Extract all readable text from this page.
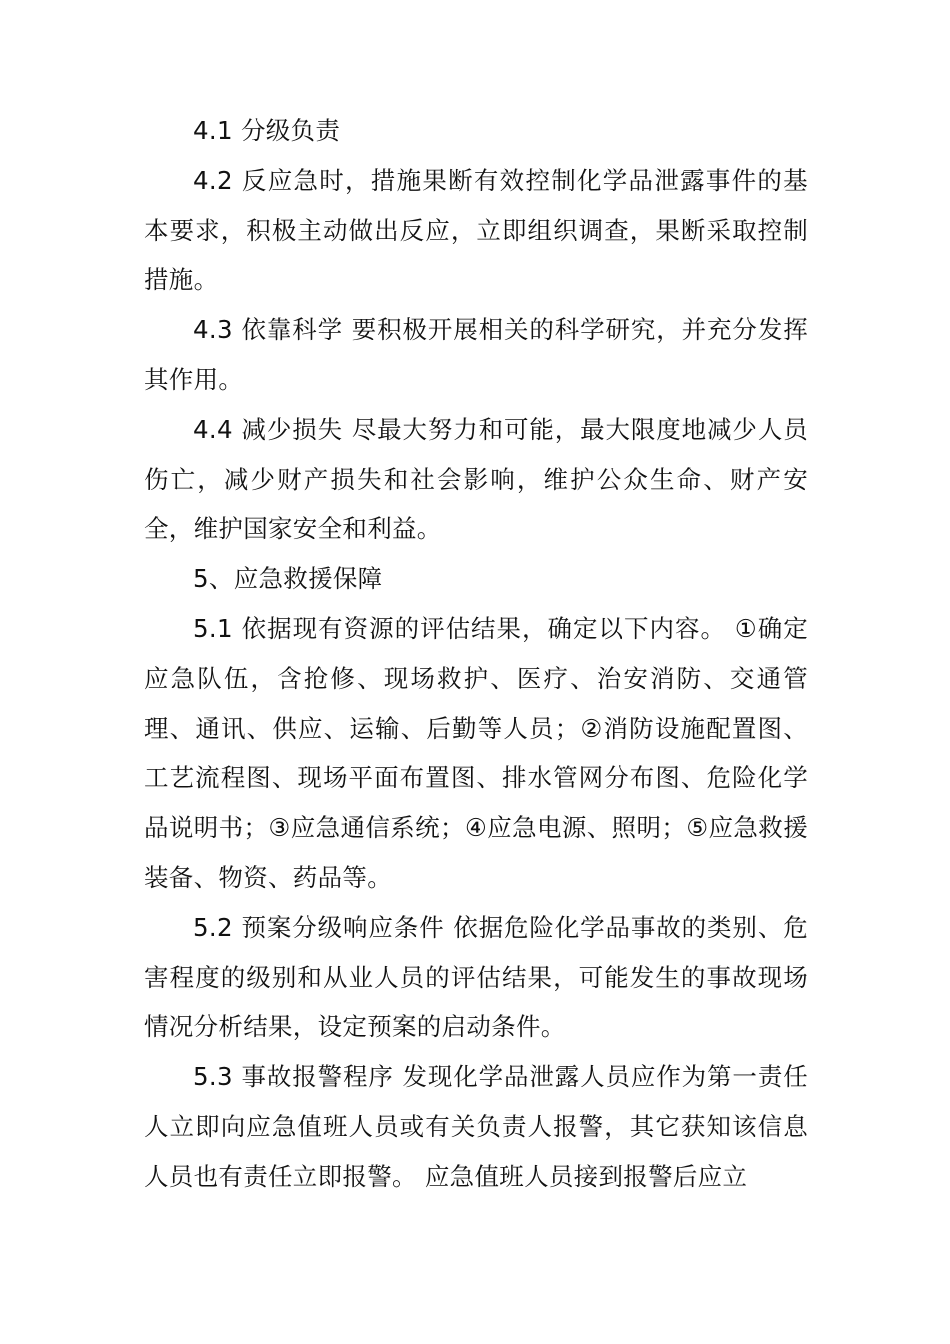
4.1 分级负责

4.2 反应急时，措施果断有效控制化学品泄露事件的基本要求，积极主动做出反应，立即组织调查，果断采取控制措施。

4.3 依靠科学 要积极开展相关的科学研究，并充分发挥其作用。

4.4 减少损失 尽最大努力和可能，最大限度地减少人员伤亡，减少财产损失和社会影响，维护公众生命、财产安全，维护国家安全和利益。

5、应急救援保障

5.1 依据现有资源的评估结果，确定以下内容。 ①确定应急队伍，含抢修、现场救护、医疗、治安消防、交通管理、通讯、供应、运输、后勤等人员；②消防设施配置图、工艺流程图、现场平面布置图、排水管网分布图、危险化学品说明书；③应急通信系统；④应急电源、照明；⑤应急救援装备、物资、药品等。

5.2 预案分级响应条件 依据危险化学品事故的类别、危害程度的级别和从业人员的评估结果，可能发生的事故现场情况分析结果，设定预案的启动条件。

5.3 事故报警程序 发现化学品泄露人员应作为第一责任人立即向应急值班人员或有关负责人报警，其它获知该信息人员也有责任立即报警。 应急值班人员接到报警后应立
